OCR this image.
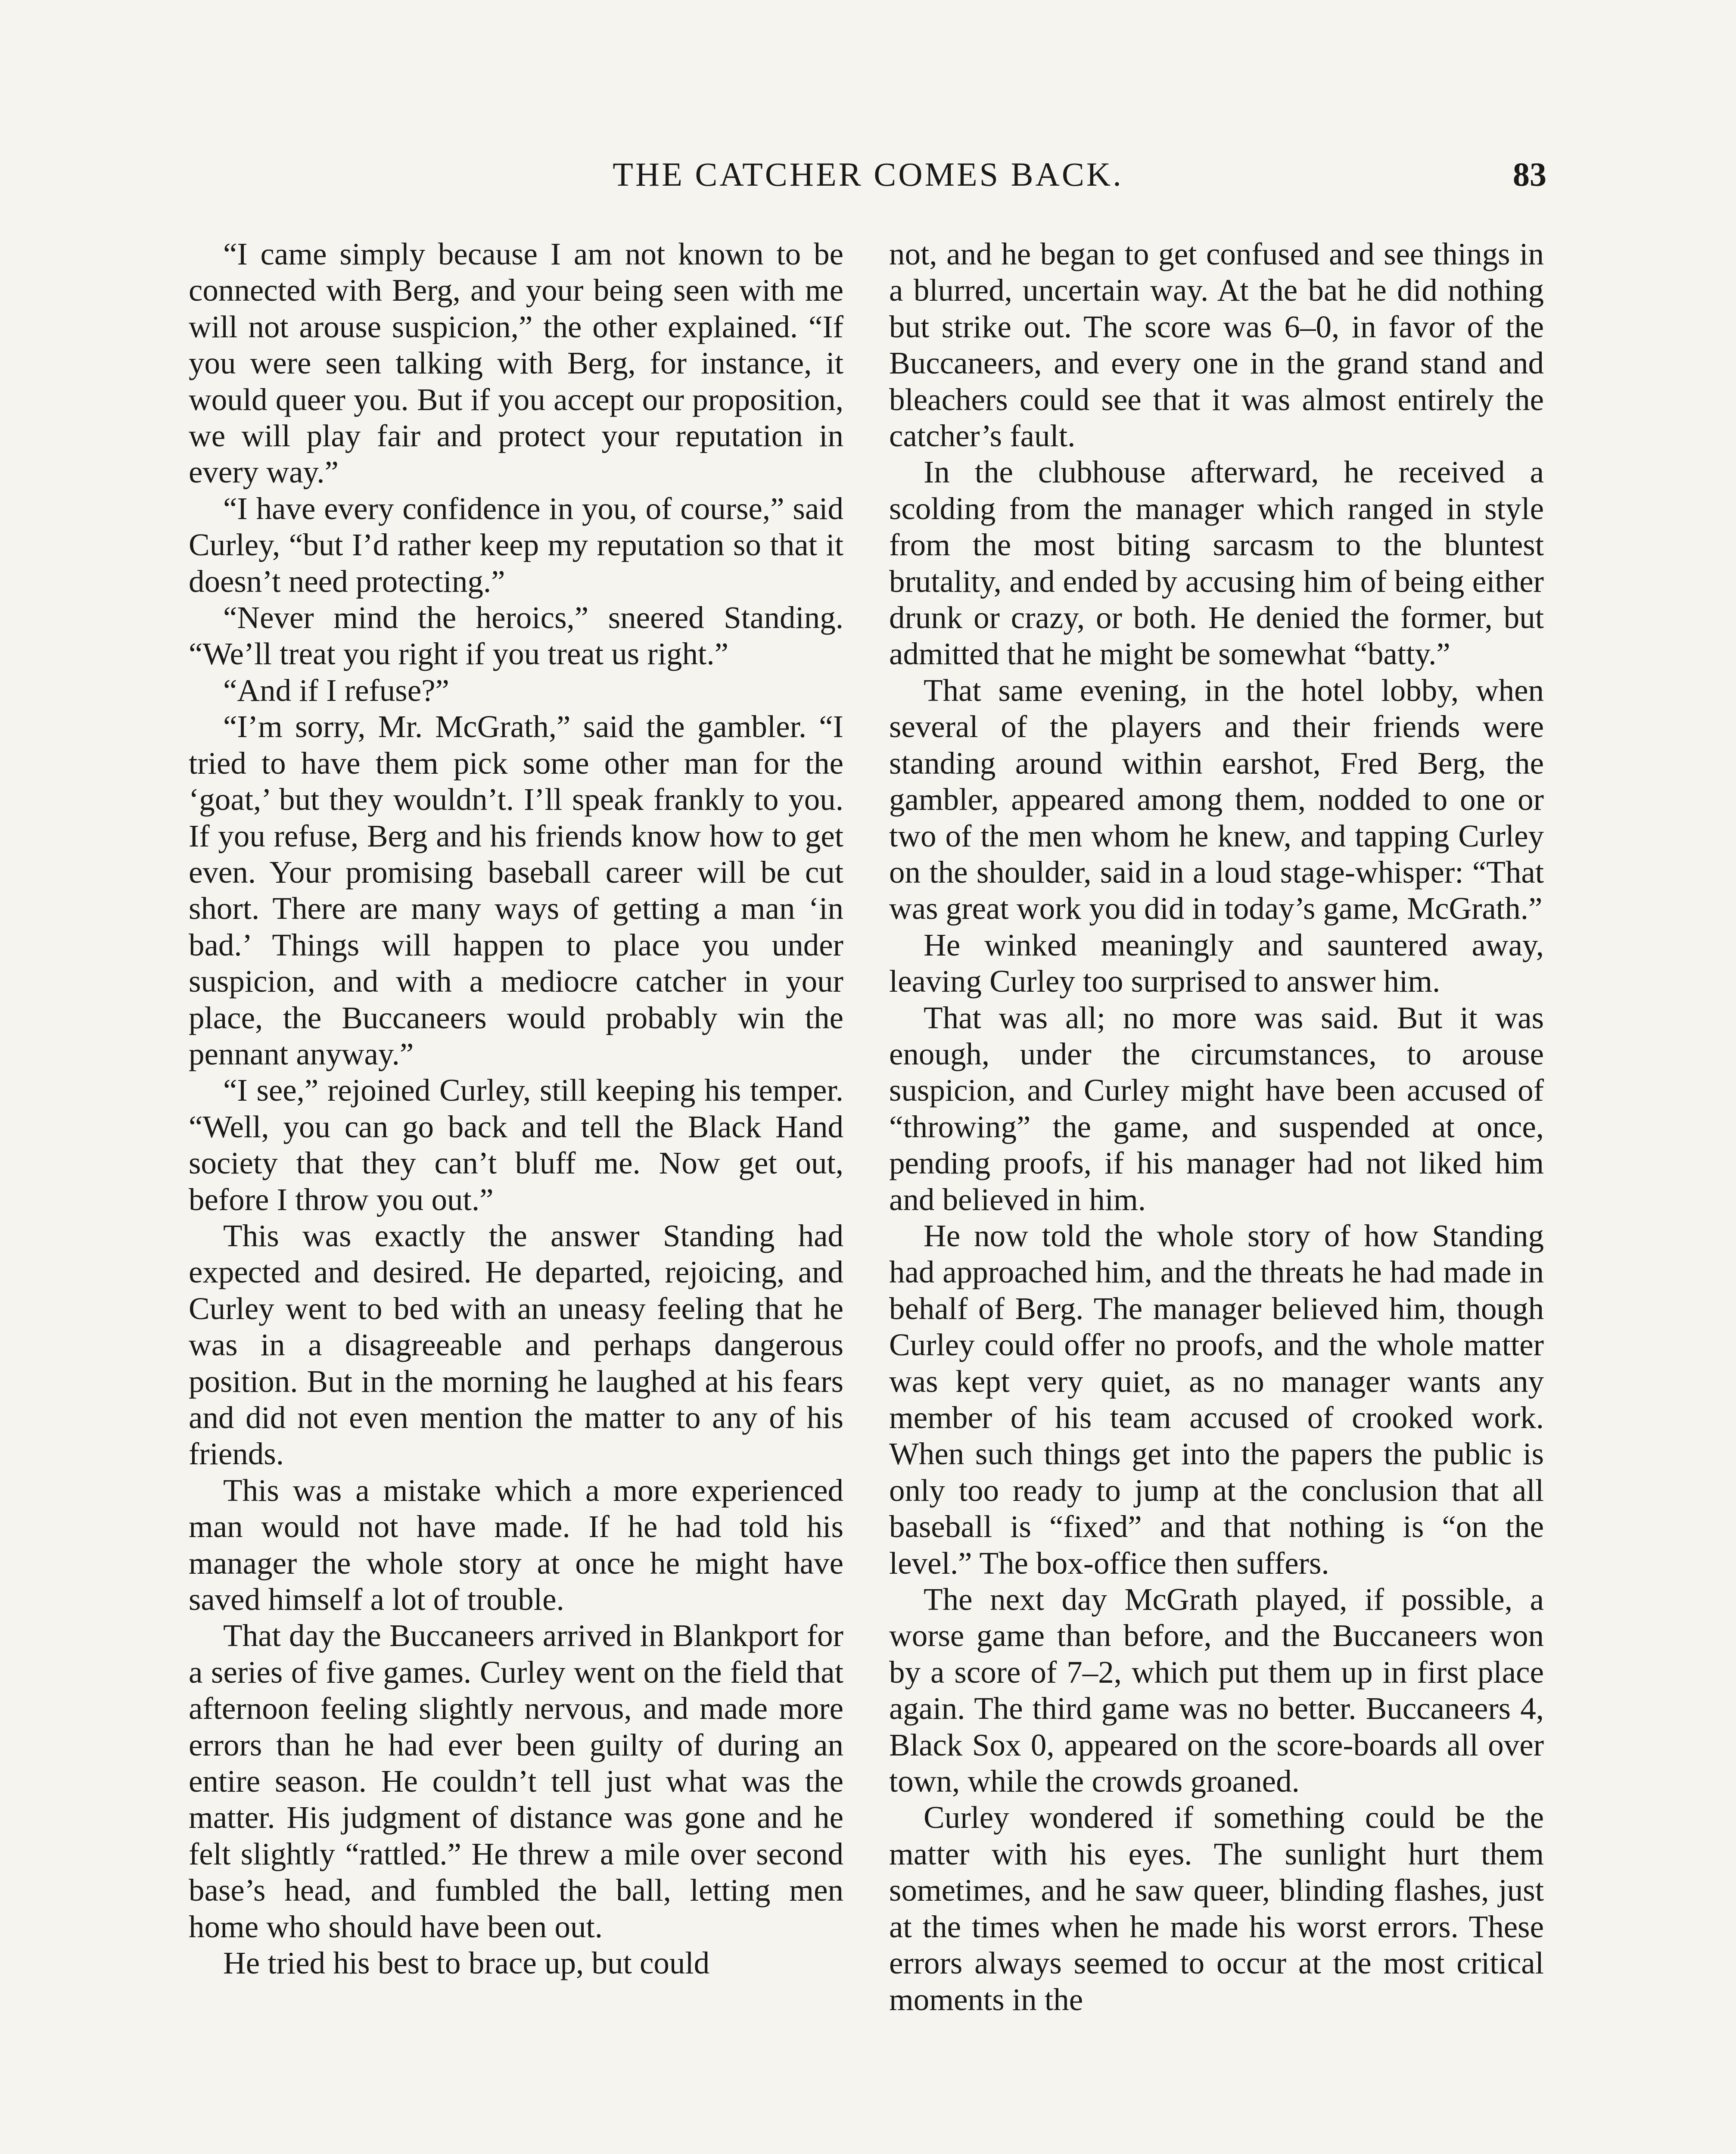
THE CATCHER COMES BACK.	83

“I came simply because I am not known to be connected with Berg, and your being seen with me will not arouse suspicion,” the other explained. “If you were seen talking with Berg, for instance, it would queer you. But if you accept our proposition, we will play fair and protect your reputation in every way.”

“I have every confidence in you, of course,” said Curley, “but I’d rather keep my reputation so that it doesn’t need protecting.”

“Never mind the heroics,” sneered Standing. “We’ll treat you right if you treat us right.”

“And if I refuse?”

“I’m sorry, Mr. McGrath,” said the gambler. “I tried to have them pick some other man for the ‘goat,’ but they wouldn’t. I’ll speak frankly to you. If you refuse, Berg and his friends know how to get even. Your promising baseball career will be cut short. There are many ways of getting a man ‘in bad.’ Things will happen to place you under suspicion, and with a mediocre catcher in your place, the Buccaneers would probably win the pennant anyway.”

“I see,” rejoined Curley, still keeping his temper. “Well, you can go back and tell the Black Hand society that they can’t bluff me. Now get out, before I throw you out.”

This was exactly the answer Standing had expected and desired. He departed, rejoicing, and Curley went to bed with an uneasy feeling that he was in a disagreeable and perhaps dangerous position. But in the morning he laughed at his fears and did not even mention the matter to any of his friends.

This was a mistake which a more experienced man would not have made. If he had told his manager the whole story at once he might have saved himself a lot of trouble.

That day the Buccaneers arrived in Blankport for a series of five games. Curley went on the field that afternoon feeling slightly nervous, and made more errors than he had ever been guilty of during an entire season. He couldn’t tell just what was the matter. His judgment of distance was gone and he felt slightly “rattled.” He threw a mile over second base’s head, and fumbled the ball, letting men home who should have been out.

He tried his best to brace up, but could

not, and he began to get confused and see things in a blurred, uncertain way. At the bat he did nothing but strike out. The score was 6–0, in favor of the Buccaneers, and every one in the grand stand and bleachers could see that it was almost entirely the catcher’s fault.

In the clubhouse afterward, he received a scolding from the manager which ranged in style from the most biting sarcasm to the bluntest brutality, and ended by accusing him of being either drunk or crazy, or both. He denied the former, but admitted that he might be somewhat “batty.”

That same evening, in the hotel lobby, when several of the players and their friends were standing around within earshot, Fred Berg, the gambler, appeared among them, nodded to one or two of the men whom he knew, and tapping Curley on the shoulder, said in a loud stage-whisper: “That was great work you did in today’s game, McGrath.”

He winked meaningly and sauntered away, leaving Curley too surprised to answer him.

That was all; no more was said. But it was enough, under the circumstances, to arouse suspicion, and Curley might have been accused of “throwing” the game, and suspended at once, pending proofs, if his manager had not liked him and believed in him.

He now told the whole story of how Standing had approached him, and the threats he had made in behalf of Berg. The manager believed him, though Curley could offer no proofs, and the whole matter was kept very quiet, as no manager wants any member of his team accused of crooked work. When such things get into the papers the public is only too ready to jump at the conclusion that all baseball is “fixed” and that nothing is “on the level.” The box-office then suffers.

The next day McGrath played, if possible, a worse game than before, and the Buccaneers won by a score of 7–2, which put them up in first place again. The third game was no better. Buccaneers 4, Black Sox 0, appeared on the score-boards all over town, while the crowds groaned.

Curley wondered if something could be the matter with his eyes. The sunlight hurt them sometimes, and he saw queer, blinding flashes, just at the times when he made his worst errors. These errors always seemed to occur at the most critical moments in the
